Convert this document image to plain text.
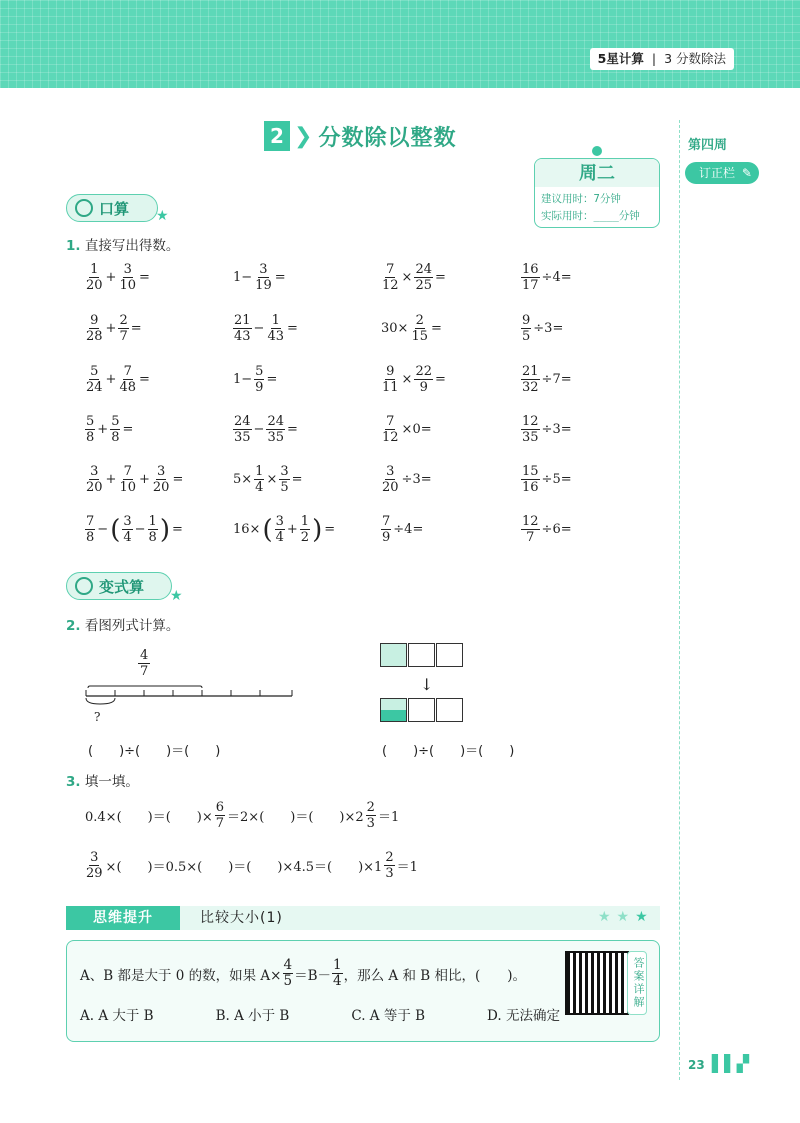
5星计算 | 3 分数除法
2 ❯ 分数除以整数
周二
建议用时：7分钟
实际用时：____分钟
第四周
订正栏 ✎
口算 ★
1. 直接写出得数。
$\frac{1}{20} + \frac{3}{10}$ =	$1- \frac{3}{19}$ =	$\frac{7}{12} \times \frac{24}{25}$ =	$\frac{16}{17} \div 4=$
$\frac{9}{28} + \frac{2}{7}$ =	$\frac{21}{43} - \frac{1}{43}$ =	$30\times \frac{2}{15}$ =	$\frac{9}{5} \div 3=$
$\frac{5}{24} + \frac{7}{48}$ =	$1- \frac{5}{9}$ =	$\frac{9}{11} \times \frac{22}{9}$ =	$\frac{21}{32} \div 7=$
$\frac{5}{8} + \frac{5}{8}$ =	$\frac{24}{35} - \frac{24}{35}$ =	$\frac{7}{12} \times 0=$	$\frac{12}{35} \div 3=$
$\frac{3}{20} + \frac{7}{10} + \frac{3}{20}$ =	$5\times \frac{1}{4} \times \frac{3}{5}$ =	$\frac{3}{20} \div 3=$	$\frac{15}{16} \div 5=$
$\frac{7}{8}$ − ( $\frac{3}{4} - \frac{1}{8}$ ) =	16× ( $\frac{3}{4} + \frac{1}{2}$ ) =	$\frac{7}{9} \div 4=$	$\frac{12}{7} \div 6=$
变式算
★
2. 看图列式计算。
$\frac{4}{7}$
?
(　　)÷(　　)＝(　　)
↓
(　　)÷(　　)＝(　　)
3. 填一填。
0.4×(　　)＝(　　)× $\frac{6}{7} =2\times$(　　)＝(　　)$\times 2 \frac{2}{3} =1$
$\frac{3}{29}$ ×(　　)＝0.5×(　　)＝(　　)×4.5＝(　　)$\times 1 \frac{2}{3} =1$
思维提升	比较大小(1)	★★★
A、B 都是大于 0 的数，如果 $A\times \frac{4}{5} =B- \frac{1}{4}$ ，那么 A 和 B 相比，(　　)。
A. A 大于 B	B. A 小于 B	C. A 等于 B	D. 无法确定
答案详解
23 ▌▌▞
